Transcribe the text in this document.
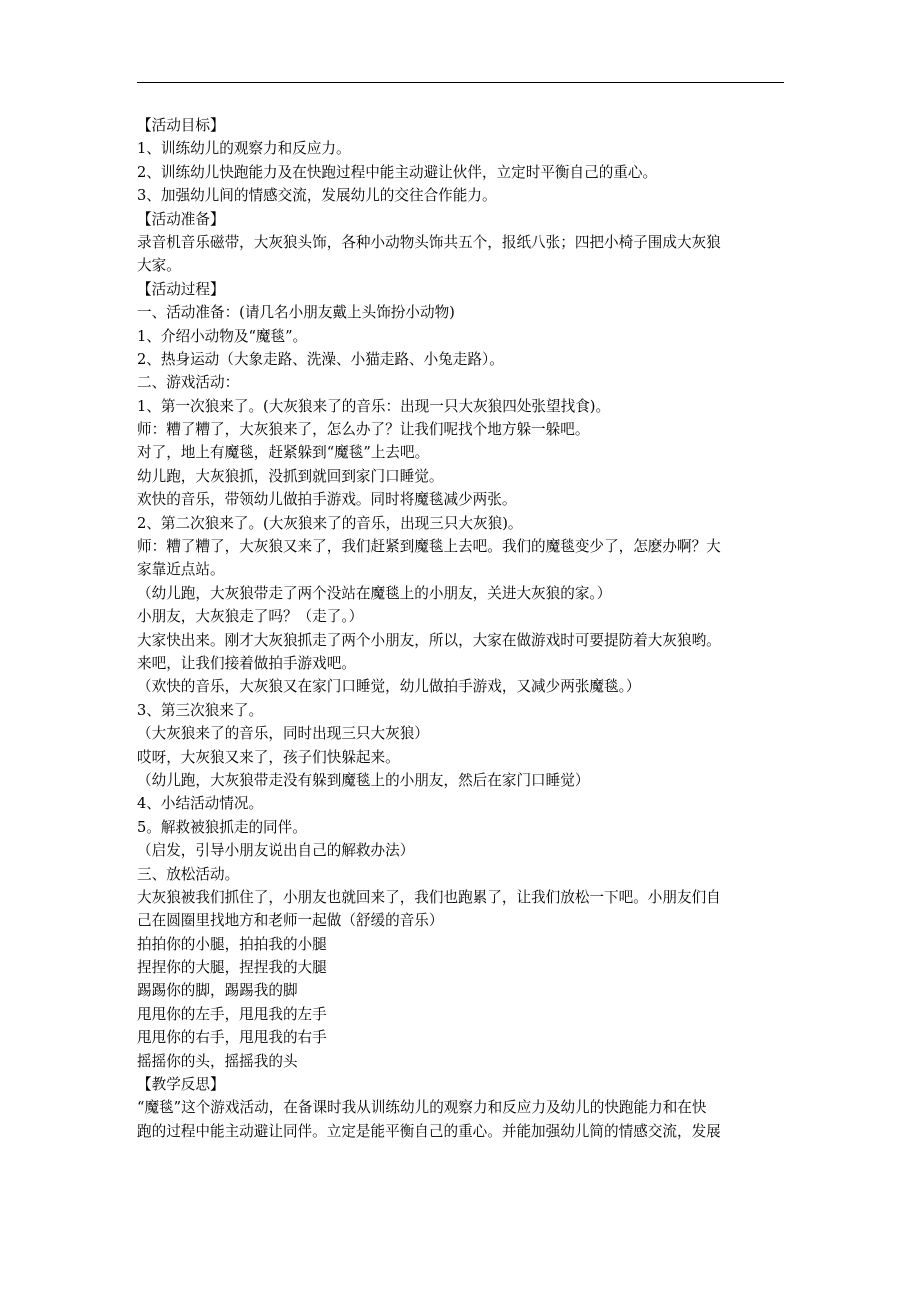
【活动目标】
1、训练幼儿的观察力和反应力。
2、训练幼儿快跑能力及在快跑过程中能主动避让伙伴，立定时平衡自己的重心。
3、加强幼儿间的情感交流，发展幼儿的交往合作能力。
【活动准备】
录音机音乐磁带，大灰狼头饰，各种小动物头饰共五个，报纸八张；四把小椅子围成大灰狼
大家。
【活动过程】
一、活动准备：(请几名小朋友戴上头饰扮小动物)
1、介绍小动物及“魔毯”。
2、热身运动（大象走路、洗澡、小猫走路、小兔走路）。
二、游戏活动：
1、第一次狼来了。(大灰狼来了的音乐：出现一只大灰狼四处张望找食)。
师：糟了糟了，大灰狼来了，怎么办了？让我们呢找个地方躲一躲吧。
对了，地上有魔毯，赶紧躲到“魔毯”上去吧。
幼儿跑，大灰狼抓，没抓到就回到家门口睡觉。
欢快的音乐，带领幼儿做拍手游戏。同时将魔毯减少两张。
2、第二次狼来了。(大灰狼来了的音乐，出现三只大灰狼)。
师：糟了糟了，大灰狼又来了，我们赶紧到魔毯上去吧。我们的魔毯变少了，怎麽办啊？大
家靠近点站。
（幼儿跑，大灰狼带走了两个没站在魔毯上的小朋友，关进大灰狼的家。）
小朋友，大灰狼走了吗？（走了。）
大家快出来。刚才大灰狼抓走了两个小朋友，所以，大家在做游戏时可要提防着大灰狼哟。
来吧，让我们接着做拍手游戏吧。
（欢快的音乐，大灰狼又在家门口睡觉，幼儿做拍手游戏，又减少两张魔毯。）
3、第三次狼来了。
（大灰狼来了的音乐，同时出现三只大灰狼）
哎呀，大灰狼又来了，孩子们快躲起来。
（幼儿跑，大灰狼带走没有躲到魔毯上的小朋友，然后在家门口睡觉）
4、小结活动情况。
5。解救被狼抓走的同伴。
（启发，引导小朋友说出自己的解救办法）
三、放松活动。
大灰狼被我们抓住了，小朋友也就回来了，我们也跑累了，让我们放松一下吧。小朋友们自
己在圆圈里找地方和老师一起做（舒缓的音乐）
拍拍你的小腿，拍拍我的小腿
捏捏你的大腿，捏捏我的大腿
踢踢你的脚，踢踢我的脚
甩甩你的左手，甩甩我的左手
甩甩你的右手，甩甩我的右手
摇摇你的头，摇摇我的头
【教学反思】
“魔毯”这个游戏活动，在备课时我从训练幼儿的观察力和反应力及幼儿的快跑能力和在快
跑的过程中能主动避让同伴。立定是能平衡自己的重心。并能加强幼儿简的情感交流，发展
